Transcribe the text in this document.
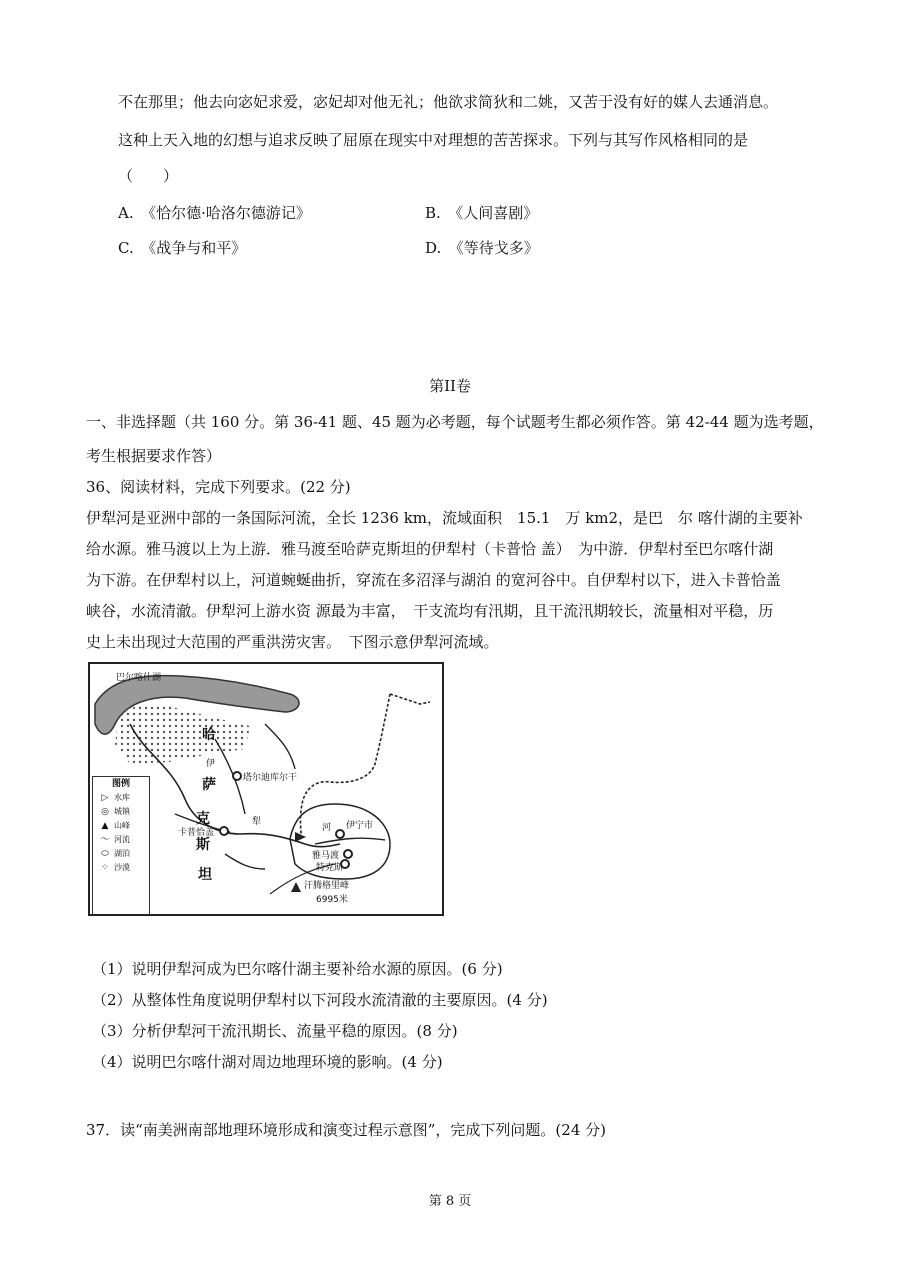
不在那里；他去向宓妃求爱，宓妃却对他无礼；他欲求简狄和二姚，又苦于没有好的媒人去通消息。
这种上天入地的幻想与追求反映了屈原在现实中对理想的苦苦探求。下列与其写作风格相同的是
（　　）
A.　《恰尔德·哈洛尔德游记》	B.　《人间喜剧》
C.　《战争与和平》	D.　《等待戈多》
第II卷
一、非选择题（共 160 分。第 36-41 题、45 题为必考题，每个试题考生都必须作答。第 42-44 题为选考题，
考生根据要求作答）
36、阅读材料，完成下列要求。(22 分)
伊犁河是亚洲中部的一条国际河流，全长 1236 km，流域面积　15.1　万 km2，是巴　尔 喀什湖的主要补
给水源。雅马渡以上为上游．雅马渡至哈萨克斯坦的伊犁村（卡普恰 盖）　为中游．伊犁村至巴尔喀什湖
为下游。在伊犁村以上，河道蜿蜒曲折，穿流在多沼泽与湖泊 的宽河谷中。自伊犁村以下，进入卡普恰盖
峡谷，水流清澈。伊犁河上游水资 源最为丰富，　干支流均有汛期，且干流汛期较长，流量相对平稳，历
史上未出现过大范围的严重洪涝灾害。　下图示意伊犁河流域。
巴尔喀什湖
哈
萨
克
斯
坦
伊
犁
河
塔尔迪库尔干
卡普恰盖
伊宁市
雅马渡
特克斯
汗腾格里峰
6995米
图例
▷ 水库
◎ 城镇
▲ 山峰
〜 河流
⬭ 湖泊
⁘ 沙漠
（1）说明伊犁河成为巴尔喀什湖主要补给水源的原因。(6 分)
（2）从整体性角度说明伊犁村以下河段水流清澈的主要原因。(4 分)
（3）分析伊犁河干流汛期长、流量平稳的原因。(8 分)
（4）说明巴尔喀什湖对周边地理环境的影响。(4 分)
37．读“南美洲南部地理环境形成和演变过程示意图”，完成下列问题。(24 分)
第 8 页
